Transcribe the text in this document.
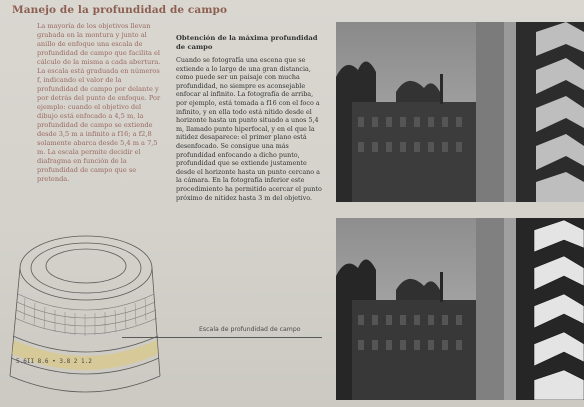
Manejo de la profundidad de campo
La mayoría de los objetivos llevan grabada en la montura y junto al anillo de enfoque una escala de profundidad de campo que facilita el cálculo de la misma a cada abertura. La escala está graduada en números f, indicando el valor de la profundidad de campo por delante y por detrás del punto de enfoque. Por ejemplo: cuando el objetivo del dibujo está enfocado a 4,5 m, la profundidad de campo se extiende desde 3,5 m a infinito a f16; a f2,8 solamente abarca desde 5,4 m a 7,5 m. La escala permite decidir el diafragma en función de la profundidad de campo que se pretenda.
Obtención de la máxima profundidad de campo
Cuando se fotografía una escena que se extiende a lo largo de una gran distancia, como puede ser un paisaje con mucha profundidad, no siempre es aconsejable enfocar al infinito. La fotografía de arriba, por ejemplo, está tomada a f16 con el foco a infinito, y en ella todo está nítido desde el horizonte hasta un punto situado a unos 5,4 m, llamado punto hiperfocal, y en el que la nitidez desaparece: el primer plano está desenfocado. Se consigue una más profundidad enfocando a dicho punto, profundidad que se extiende justamente desde el horizonte hasta un punto cercano a la cámara. En la fotografía inferior este procedimiento ha permitido acercar el punto próximo de nitidez hasta 3 m del objetivo.
5.6II 8.6 • 3.8 2 1.2
Escala de profundidad de campo
